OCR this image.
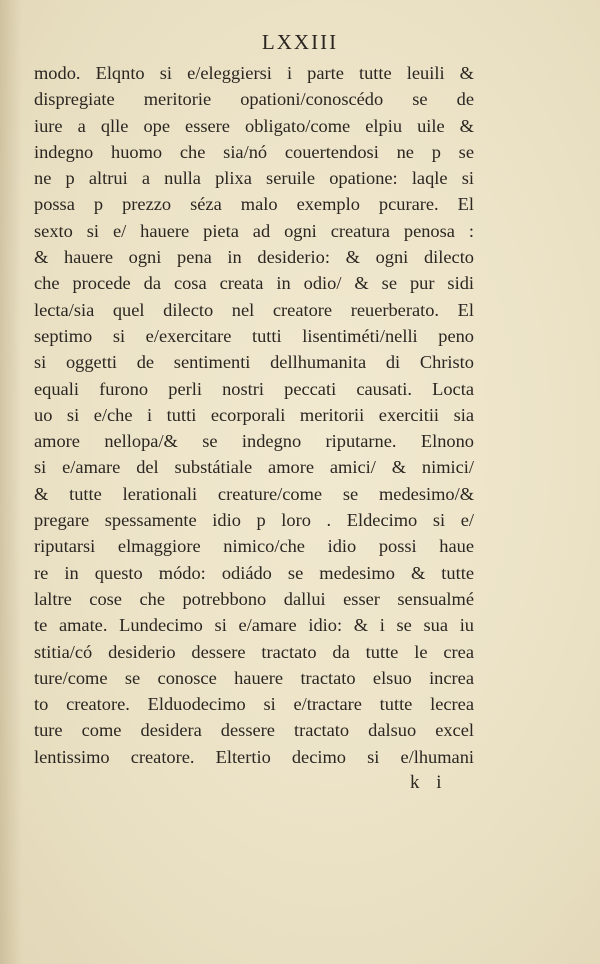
LXXIII
modo. Elqnto si e/eleggiersi i parte tutte leuili &
dispregiate meritorie opationi/conoscédo se de
iure a qlle ope essere obligato/come elpiu uile &
indegno huomo che sia/nó couertendosi ne p se
ne p altrui a nulla plixa seruile opatione: laqle si
possa p prezzo séza malo exemplo pcurare. El
sexto si e/ hauere pieta ad ogni creatura penosa :
& hauere ogni pena in desiderio: & ogni dilecto
che procede da cosa creata in odio/ & se pur sidi
lecta/sia quel dilecto nel creatore reuerberato. El
septimo si e/exercitare tutti lisentiméti/nelli peno
si oggetti de sentimenti dellhumanita di Christo
equali furono perli nostri peccati causati. Locta
uo si e/che i tutti ecorporali meritorii exercitii sia
amore nellopa/& se indegno riputarne. Elnono
si e/amare del substátiale amore amici/ & nimici/
& tutte lerationali creature/come se medesimo/&
pregare spessamente idio p loro . Eldecimo si e/
riputarsi elmaggiore nimico/che idio possi haue
re in questo módo: odiádo se medesimo & tutte
laltre cose che potrebbono dallui esser sensualmé
te amate. Lundecimo si e/amare idio: & i se sua iu
stitia/có desiderio dessere tractato da tutte le crea
ture/come se conosce hauere tractato elsuo increa
to creatore. Elduodecimo si e/tractare tutte lecrea
ture come desidera dessere tractato dalsuo excel
lentissimo creatore. Eltertio decimo si e/lhumani
k i
